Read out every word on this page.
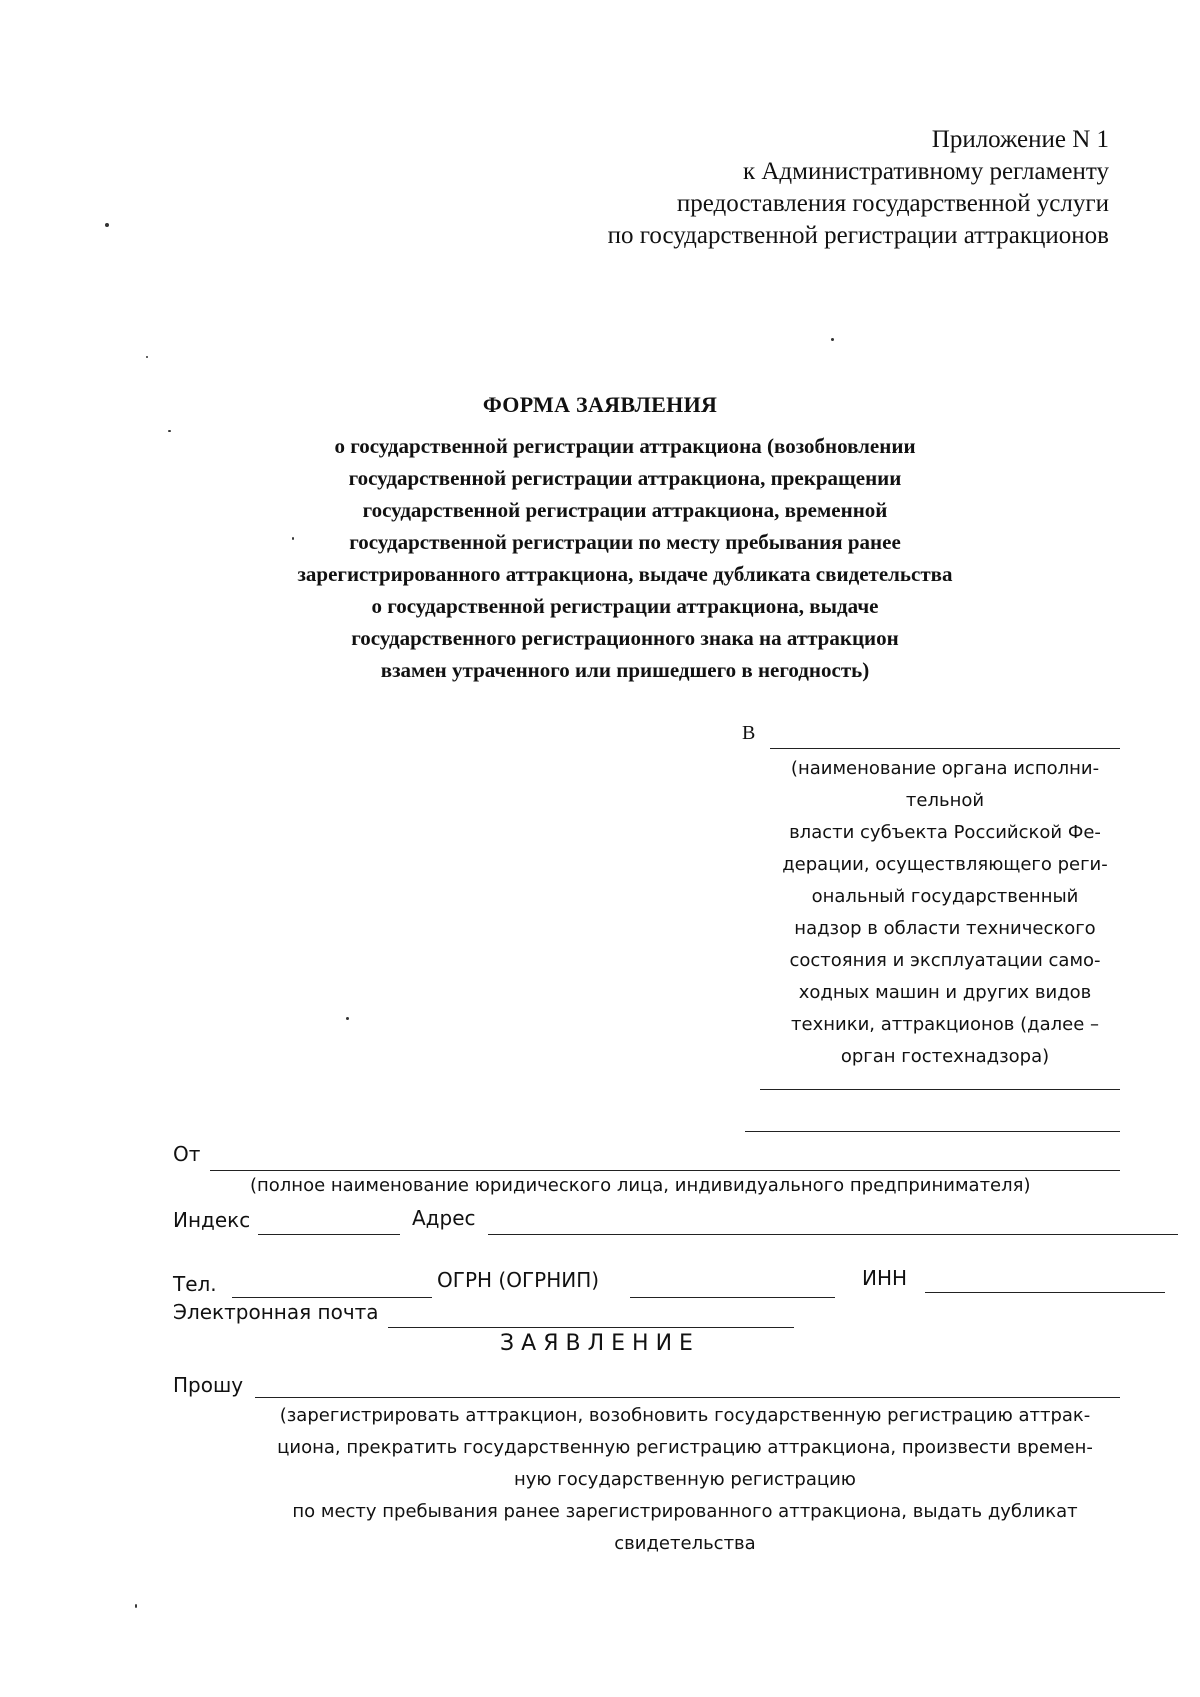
Приложение N 1
к Административному регламенту
предоставления государственной услуги
по государственной регистрации аттракционов
ФОРМА ЗАЯВЛЕНИЯ
о государственной регистрации аттракциона (возобновлении
государственной регистрации аттракциона, прекращении
государственной регистрации аттракциона, временной
государственной регистрации по месту пребывания ранее
зарегистрированного аттракциона, выдаче дубликата свидетельства
о государственной регистрации аттракциона, выдаче
государственного регистрационного знака на аттракцион
взамен утраченного или пришедшего в негодность)
В
(наименование органа исполни-
тельной
власти субъекта Российской Фе-
дерации, осуществляющего реги-
ональный государственный
надзор в области технического
состояния и эксплуатации само-
ходных машин и других видов
техники, аттракционов (далее –
орган гостехнадзора)
От
(полное наименование юридического лица, индивидуального предпринимателя)
Индекс	Адрес
Тел.	ОГРН (ОГРНИП)	ИНН
Электронная почта
ЗАЯВЛЕНИЕ
Прошу
(зарегистрировать аттракцион, возобновить государственную регистрацию аттрак-
циона, прекратить государственную регистрацию аттракциона, произвести времен-
ную государственную регистрацию
по месту пребывания ранее зарегистрированного аттракциона, выдать дубликат
свидетельства
